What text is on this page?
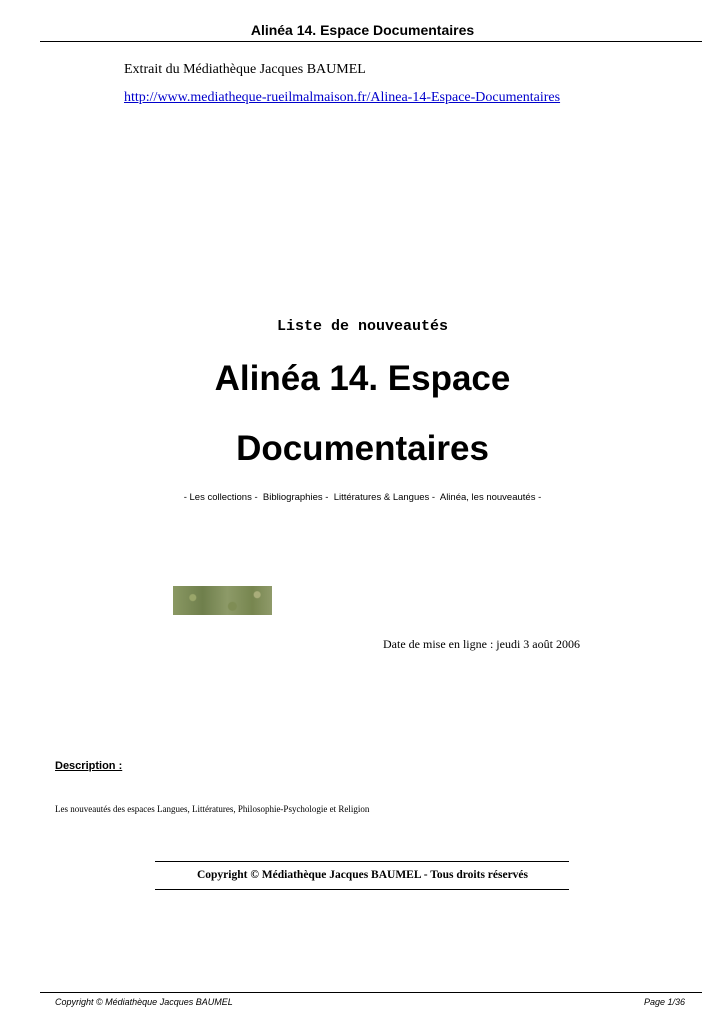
Alinéa 14. Espace Documentaires
Extrait du Médiathèque Jacques BAUMEL
http://www.mediatheque-rueilmalmaison.fr/Alinea-14-Espace-Documentaires
Liste de nouveautés
Alinéa 14. Espace
Documentaires
- Les collections - Bibliographies - Littératures & Langues - Alinéa, les nouveautés -
Date de mise en ligne : jeudi 3 août 2006
Description :
Les nouveautés des espaces Langues, Littératures, Philosophie-Psychologie et Religion
Copyright © Médiathèque Jacques BAUMEL - Tous droits réservés
Copyright © Médiathèque Jacques BAUMEL	Page 1/36
